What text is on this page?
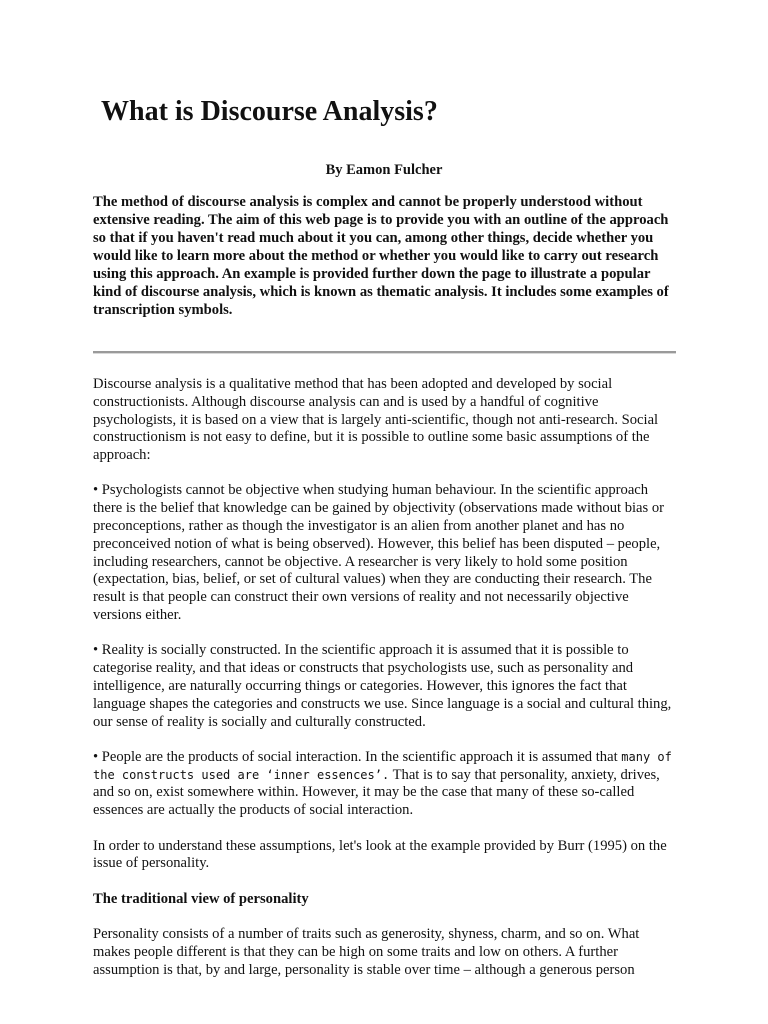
What is Discourse Analysis?

By Eamon Fulcher

The method of discourse analysis is complex and cannot be properly understood without extensive reading. The aim of this web page is to provide you with an outline of the approach so that if you haven't read much about it you can, among other things, decide whether you would like to learn more about the method or whether you would like to carry out research using this approach. An example is provided further down the page to illustrate a popular kind of discourse analysis, which is known as thematic analysis. It includes some examples of transcription symbols.

Discourse analysis is a qualitative method that has been adopted and developed by social constructionists. Although discourse analysis can and is used by a handful of cognitive psychologists, it is based on a view that is largely anti-scientific, though not anti-research. Social constructionism is not easy to define, but it is possible to outline some basic assumptions of the approach:

• Psychologists cannot be objective when studying human behaviour. In the scientific approach there is the belief that knowledge can be gained by objectivity (observations made without bias or preconceptions, rather as though the investigator is an alien from another planet and has no preconceived notion of what is being observed). However, this belief has been disputed – people, including researchers, cannot be objective. A researcher is very likely to hold some position (expectation, bias, belief, or set of cultural values) when they are conducting their research. The result is that people can construct their own versions of reality and not necessarily objective versions either.

• Reality is socially constructed. In the scientific approach it is assumed that it is possible to categorise reality, and that ideas or constructs that psychologists use, such as personality and intelligence, are naturally occurring things or categories. However, this ignores the fact that language shapes the categories and constructs we use. Since language is a social and cultural thing, our sense of reality is socially and culturally constructed.

• People are the products of social interaction. In the scientific approach it is assumed that many of the constructs used are ‘inner essences’. That is to say that personality, anxiety, drives, and so on, exist somewhere within. However, it may be the case that many of these so-called essences are actually the products of social interaction.

In order to understand these assumptions, let's look at the example provided by Burr (1995) on the issue of personality.

The traditional view of personality

Personality consists of a number of traits such as generosity, shyness, charm, and so on. What makes people different is that they can be high on some traits and low on others. A further assumption is that, by and large, personality is stable over time – although a generous person
